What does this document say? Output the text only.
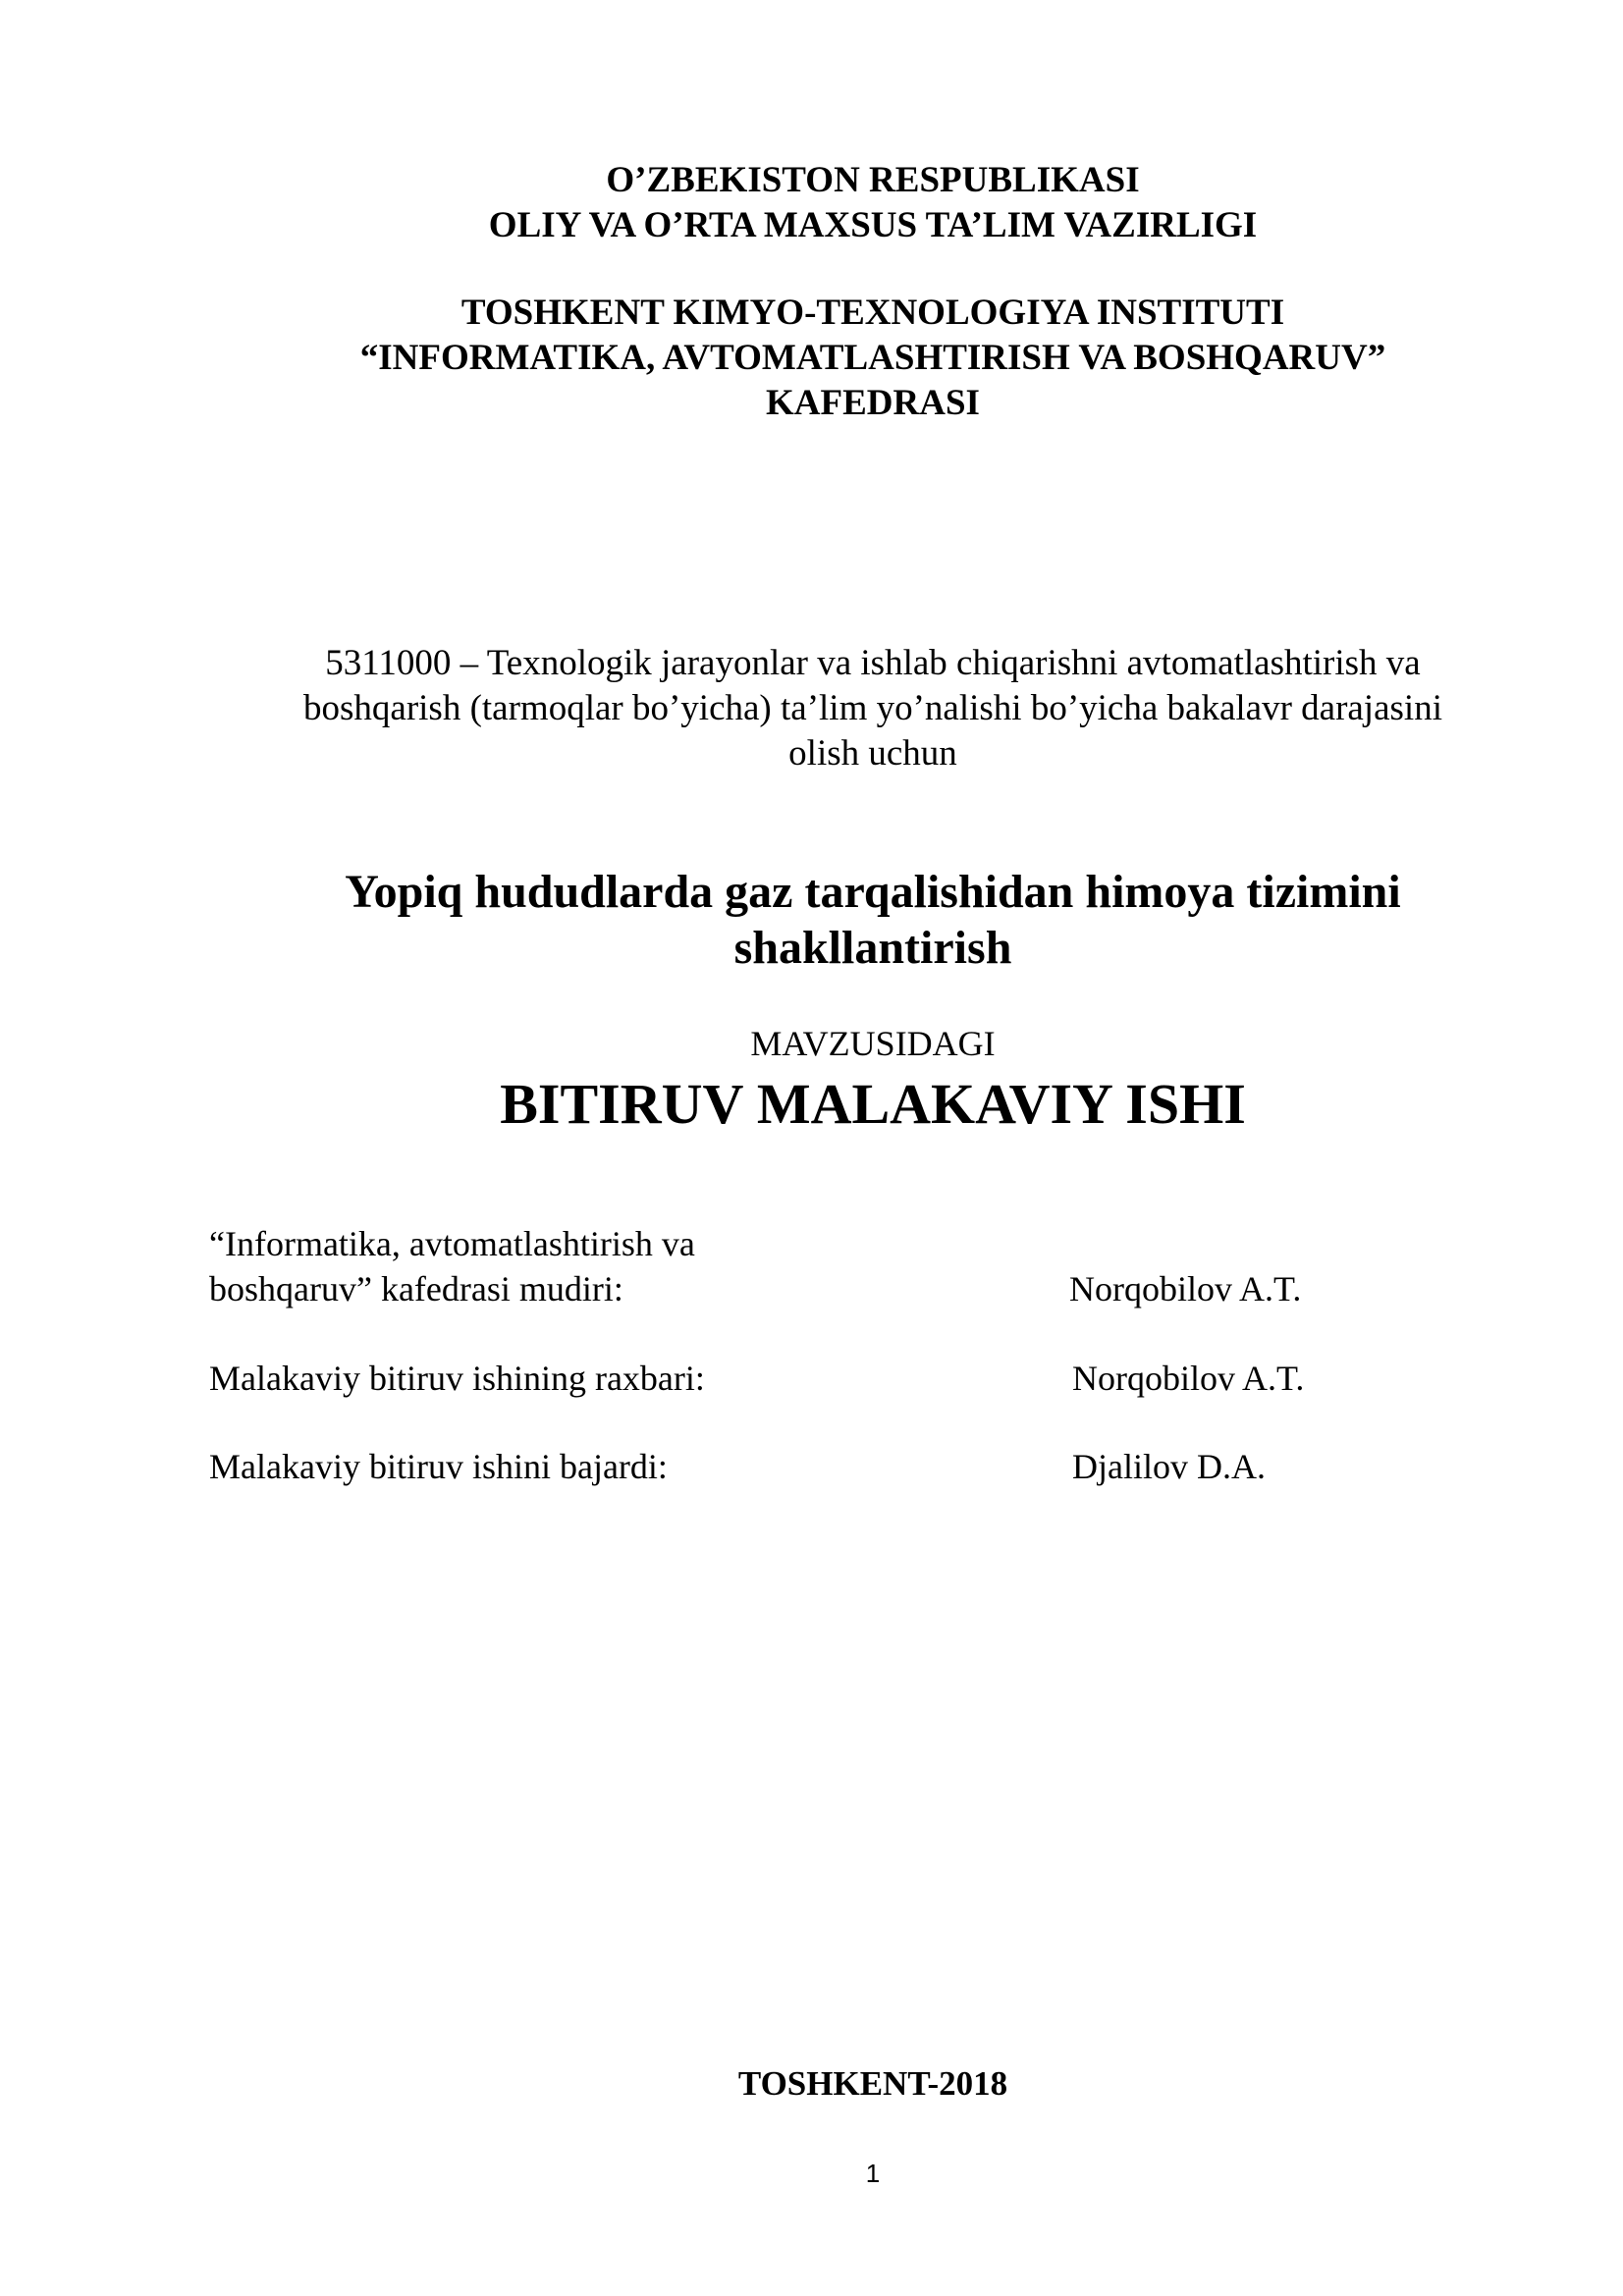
O’ZBEKISTON RESPUBLIKASI
OLIY VA O’RTA MAXSUS TA’LIM VAZIRLIGI
TOSHKENT KIMYO-TEXNOLOGIYA INSTITUTI
“INFORMATIKA, AVTOMATLASHTIRISH VA BOSHQARUV”
KAFEDRASI
5311000 – Texnologik jarayonlar va ishlab chiqarishni avtomatlashtirish va
boshqarish (tarmoqlar bo’yicha) ta’lim yo’nalishi bo’yicha bakalavr darajasini
olish uchun
Yopiq hududlarda gaz tarqalishidan himoya tizimini
shakllantirish
MAVZUSIDAGI
BITIRUV MALAKAVIY ISHI
“Informatika, avtomatlashtirish va
boshqaruv” kafedrasi mudiri:	Norqobilov A.T.
Malakaviy bitiruv ishining raxbari:	Norqobilov A.T.
Malakaviy bitiruv ishini bajardi:	Djalilov D.A.
TOSHKENT-2018
1
